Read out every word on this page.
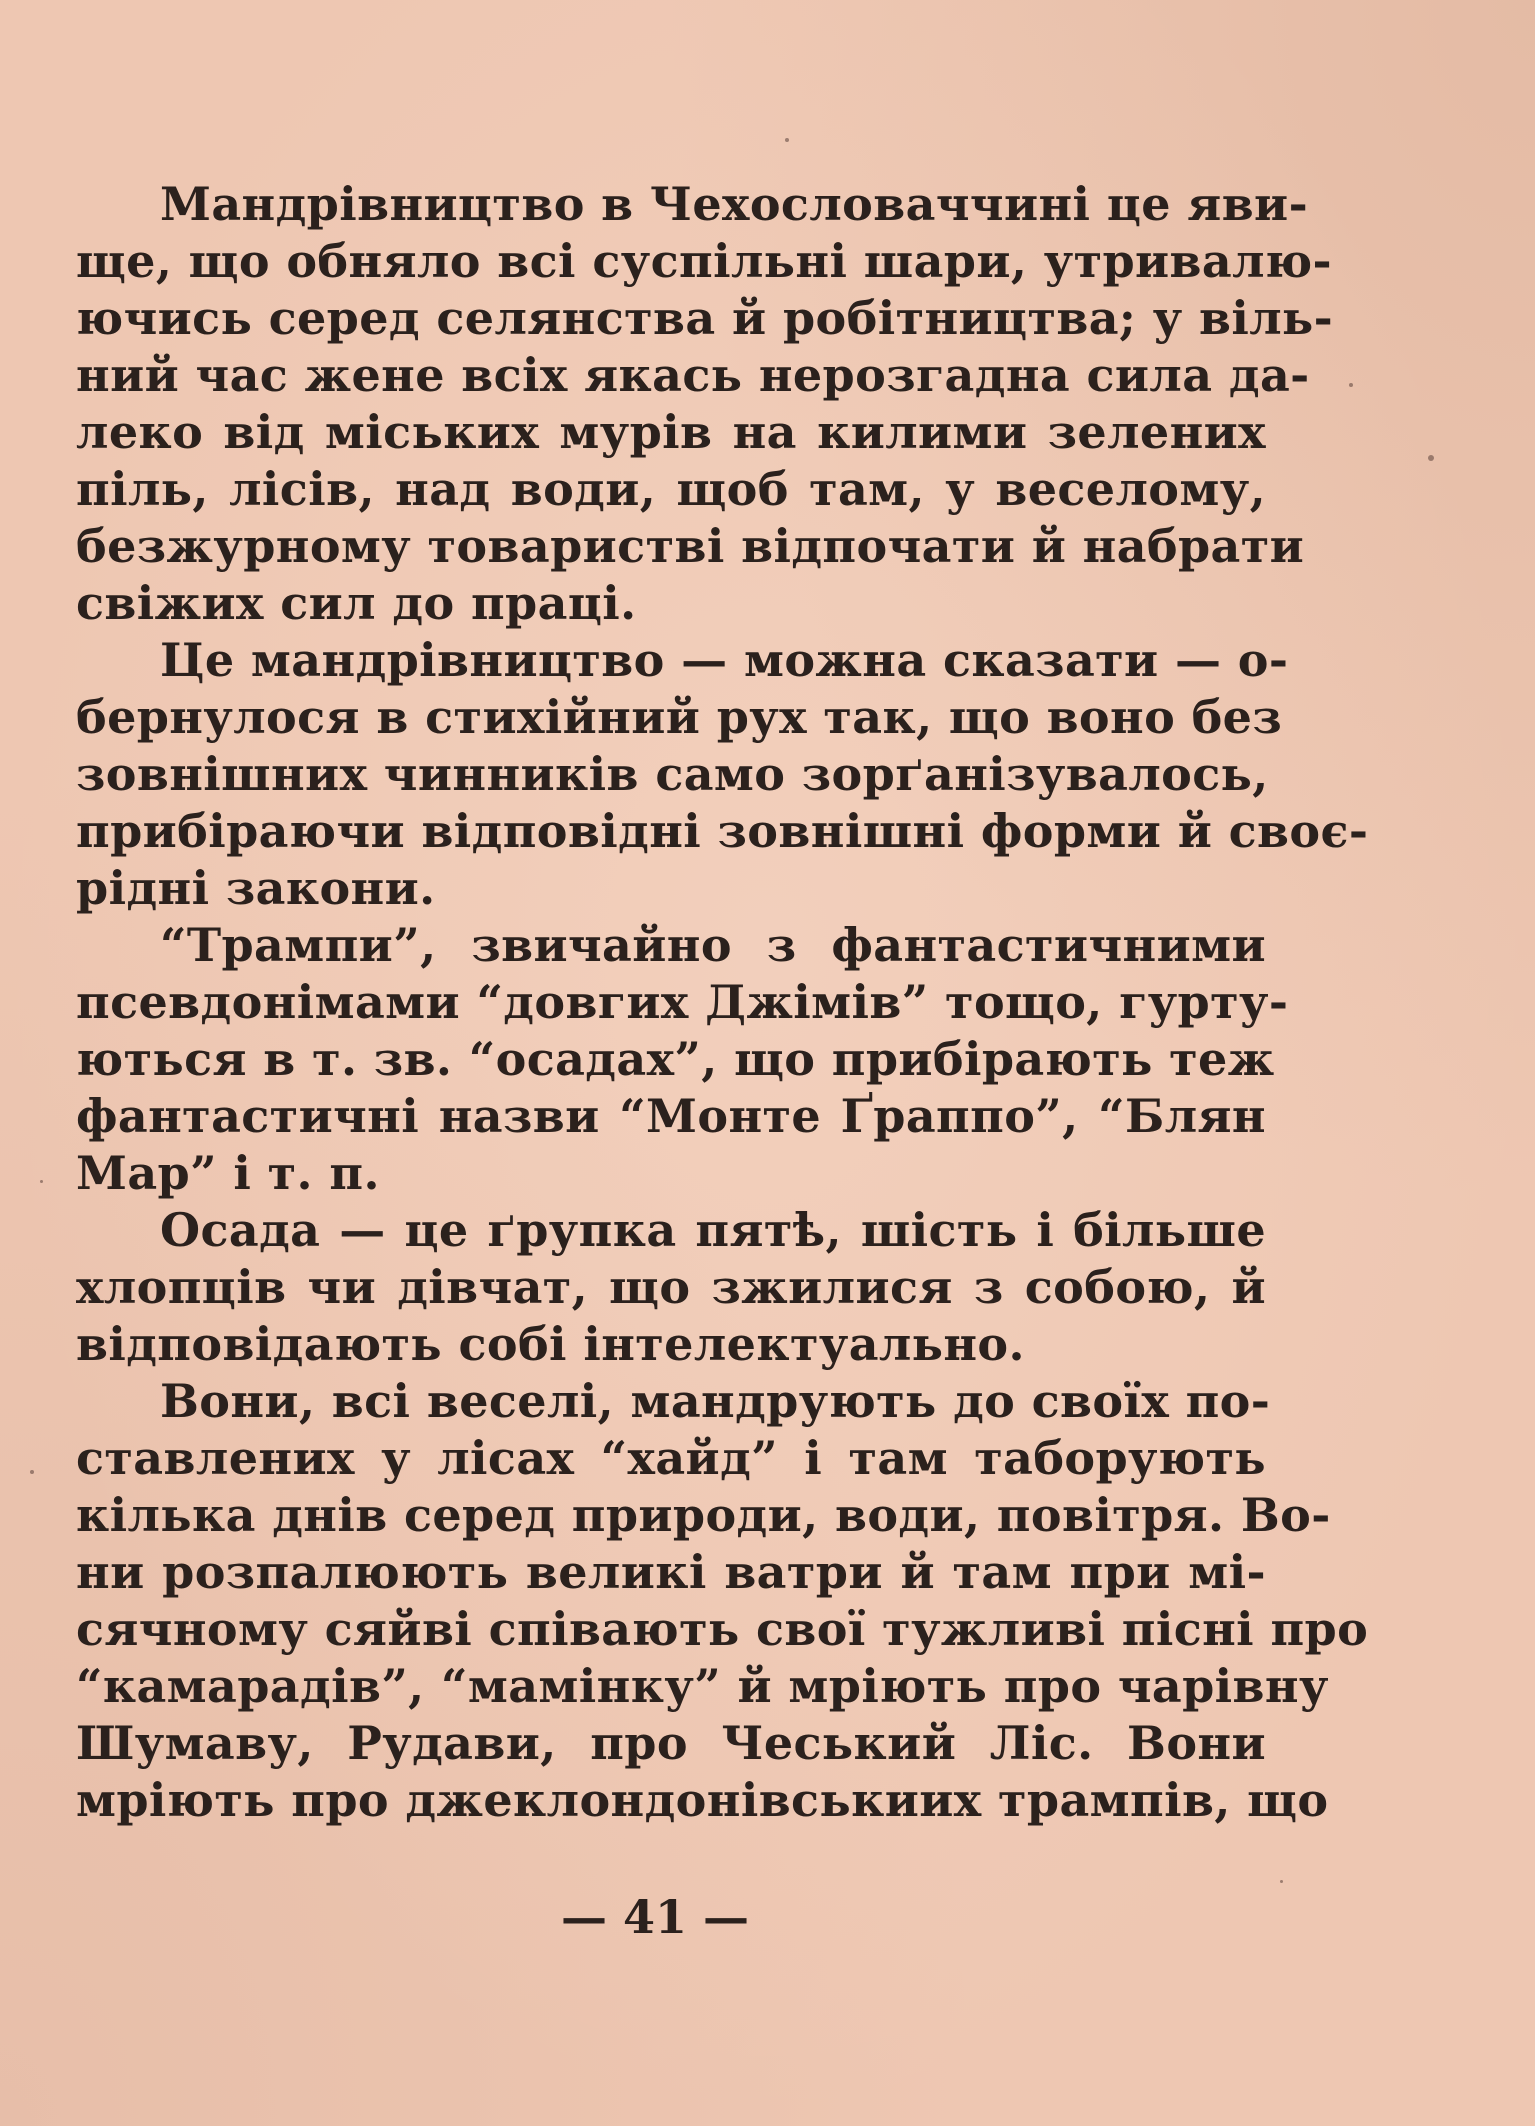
Мандрівництво в Чехословаччині це яви-
ще, що обняло всі суспільні шари, утривалю-
ючись серед селянства й робітництва; у віль-
ний час жене всіх якась нерозгадна сила да-
леко від міських мурів на килими зелених
піль, лісів, над води, щоб там, у веселому,
безжурному товаристві відпочати й набрати
свіжих сил до праці.
Це мандрівництво — можна сказати — о-
бернулося в стихійний рух так, що воно без
зовнішних чинників само зорґанізувалось,
прибіраючи відповідні зовнішні форми й своє-
рідні закони.
“Трампи”, звичайно з фантастичними
псевдонімами “довгих Джімів” тощо, гурту-
ються в т. зв. “осадах”, що прибірають теж
фантастичні назви “Монте Ґраппо”, “Блян
Мар” і т. п.
Осада — це ґрупка пятѣ, шість і більше
хлопців чи дівчат, що зжилися з собою, й
відповідають собі інтелектуально.
Вони, всі веселі, мандрують до своїх по-
ставлених у лісах “хайд” і там таборують
кілька днів серед природи, води, повітря. Во-
ни розпалюють великі ватри й там при мі-
сячному сяйві співають свої тужливі пісні про
“камарадів”, “мамінку” й мріють про чарівну
Шумаву, Рудави, про Чеський Ліс. Вони
мріють про джеклондонівськиих трампів, що
— 41 —
